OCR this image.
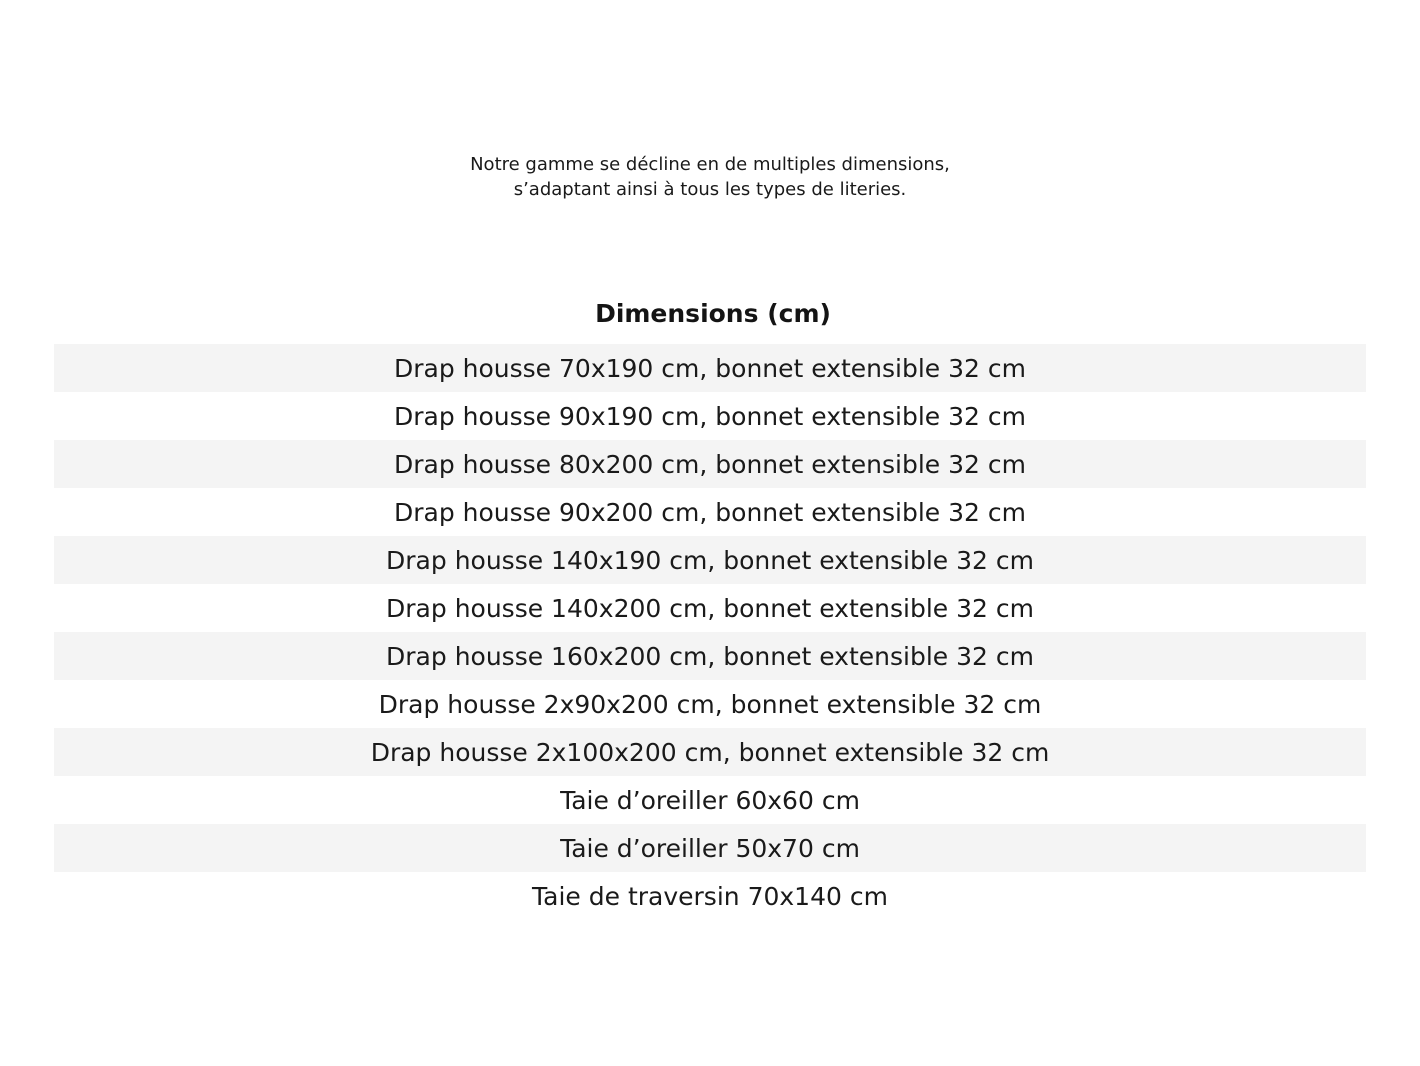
Notre gamme se décline en de multiples dimensions,
s’adaptant ainsi à tous les types de literies.
Dimensions (cm)
Drap housse 70x190 cm, bonnet extensible 32 cm
Drap housse 90x190 cm, bonnet extensible 32 cm
Drap housse 80x200 cm, bonnet extensible 32 cm
Drap housse 90x200 cm, bonnet extensible 32 cm
Drap housse 140x190 cm, bonnet extensible 32 cm
Drap housse 140x200 cm, bonnet extensible 32 cm
Drap housse 160x200 cm, bonnet extensible 32 cm
Drap housse 2x90x200 cm, bonnet extensible 32 cm
Drap housse 2x100x200 cm, bonnet extensible 32 cm
Taie d’oreiller 60x60 cm
Taie d’oreiller 50x70 cm
Taie de traversin 70x140 cm
